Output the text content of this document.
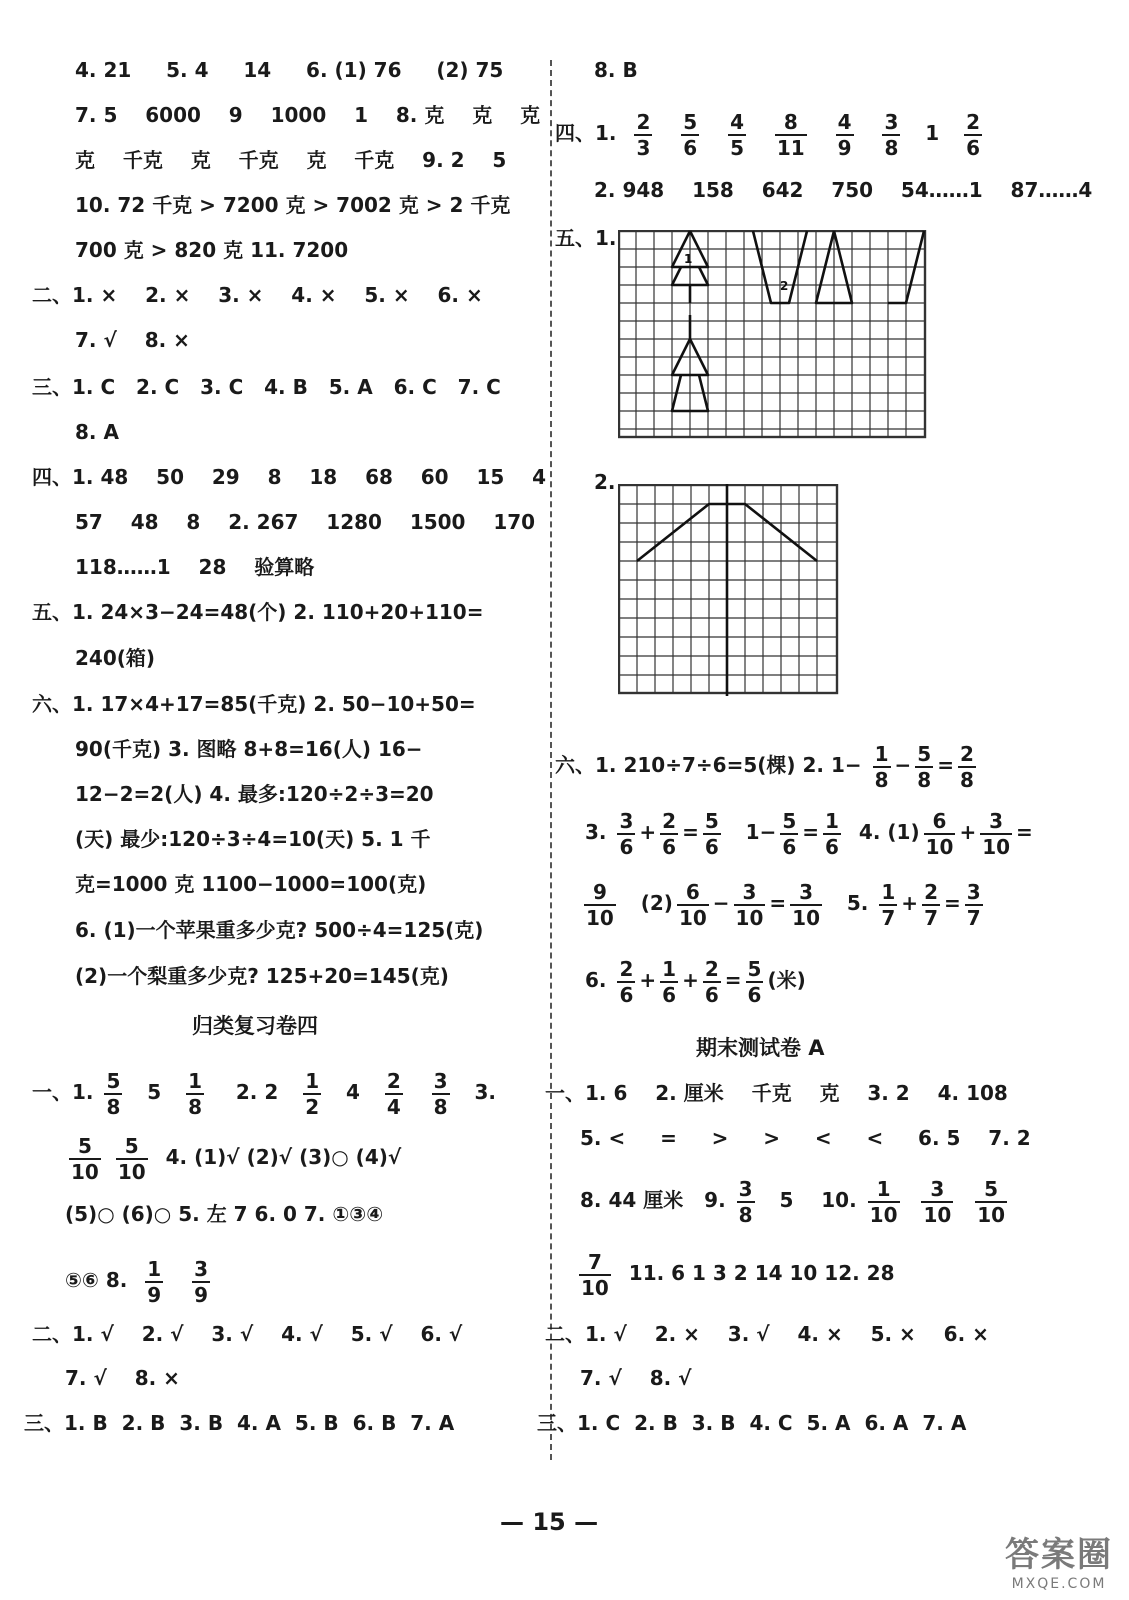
4. 21 5. 4 14 6. (1) 76 (2) 75
7. 5 6000 9 1000 1 8. 克 克 克
克 千克 克 千克 克 千克 9. 2 5
10. 72 千克 > 7200 克 > 7002 克 > 2 千克
700 克 > 820 克 11. 7200
二、1. × 2. × 3. × 4. × 5. × 6. ×
7. √ 8. ×
三、1. C 2. C 3. C 4. B 5. A 6. C 7. C
8. A
四、1. 48 50 29 8 18 68 60 15 4
57 48 8 2. 267 1280 1500 170
118……1 28 验算略
五、1. 24×3−24=48(个) 2. 110+20+110=
240(箱)
六、1. 17×4+17=85(千克) 2. 50−10+50=
90(千克) 3. 图略 8+8=16(人) 16−
12−2=2(人) 4. 最多:120÷2÷3=20
(天) 最少:120÷3÷4=10(天) 5. 1 千
克=1000 克 1100−1000=100(克)
6. (1)一个苹果重多少克? 500÷4=125(克)
(2)一个梨重多少克? 125+20=145(克)
归类复习卷四
一、1. $\frac{5}{8} 5 \frac{1}{8} 2$. $2 \frac{1}{2} 4 \frac{2}{4}$
$\frac{3}{8} 3$.
$\frac{5}{10}$
$\frac{5}{10} 4$. (1)√ (2)√ (3)○ (4)√
(5)○ (6)○ 5. 左 7 6. 0 7. ①③④
⑤⑥ 8. $\frac{1}{9}$
$\frac{3}{9}$
二、1. √ 2. √ 3. √ 4. √ 5. √ 6. √
7. √ 8. ×
三、1. B 2. B 3. B 4. A 5. B 6. B 7. A
8. B
四、1. $\frac{2}{3}$
$\frac{5}{6}$
$\frac{4}{5}$
$\frac{8}{11}$
$\frac{4}{9}$
$\frac{3}{8} 1 \frac{2}{6}$
2. 948 158 642 750 54……1 87……4
五、1.
1
2
2.
六、1. 210÷7÷6=5(棵) 2. $1- \frac{1}{8} - \frac{5}{8} = \frac{2}{8}$
3. $\frac{3}{6} + \frac{2}{6} = \frac{5}{6} 1- \frac{5}{6} = \frac{1}{6} 4$. $(1) \frac{6}{10} + \frac{3}{10}$ =
$\frac{9}{10} (2) \frac{6}{10} - \frac{3}{10} = \frac{3}{10} 5$. $\frac{1}{7} + \frac{2}{7} = \frac{3}{7}$
6. $\frac{2}{6} + \frac{1}{6} + \frac{2}{6} = \frac{5}{6}$ (米)
期末测试卷 A
一、1. 6 2. 厘米 千克 克 3. 2 4. 108
5. < = > > < < 6. 5 7. 2
8. 44 厘米 9. $\frac{3}{8} 5$ 10. $\frac{1}{10}$
$\frac{3}{10}$
$\frac{5}{10}$
$\frac{7}{10} 11$. 6 1 3 2 14 10 12. 28
二、1. √ 2. × 3. √ 4. × 5. × 6. ×
7. √ 8. √
三、1. C 2. B 3. B 4. C 5. A 6. A 7. A
— 15 —
答案圈
MXQE.COM
